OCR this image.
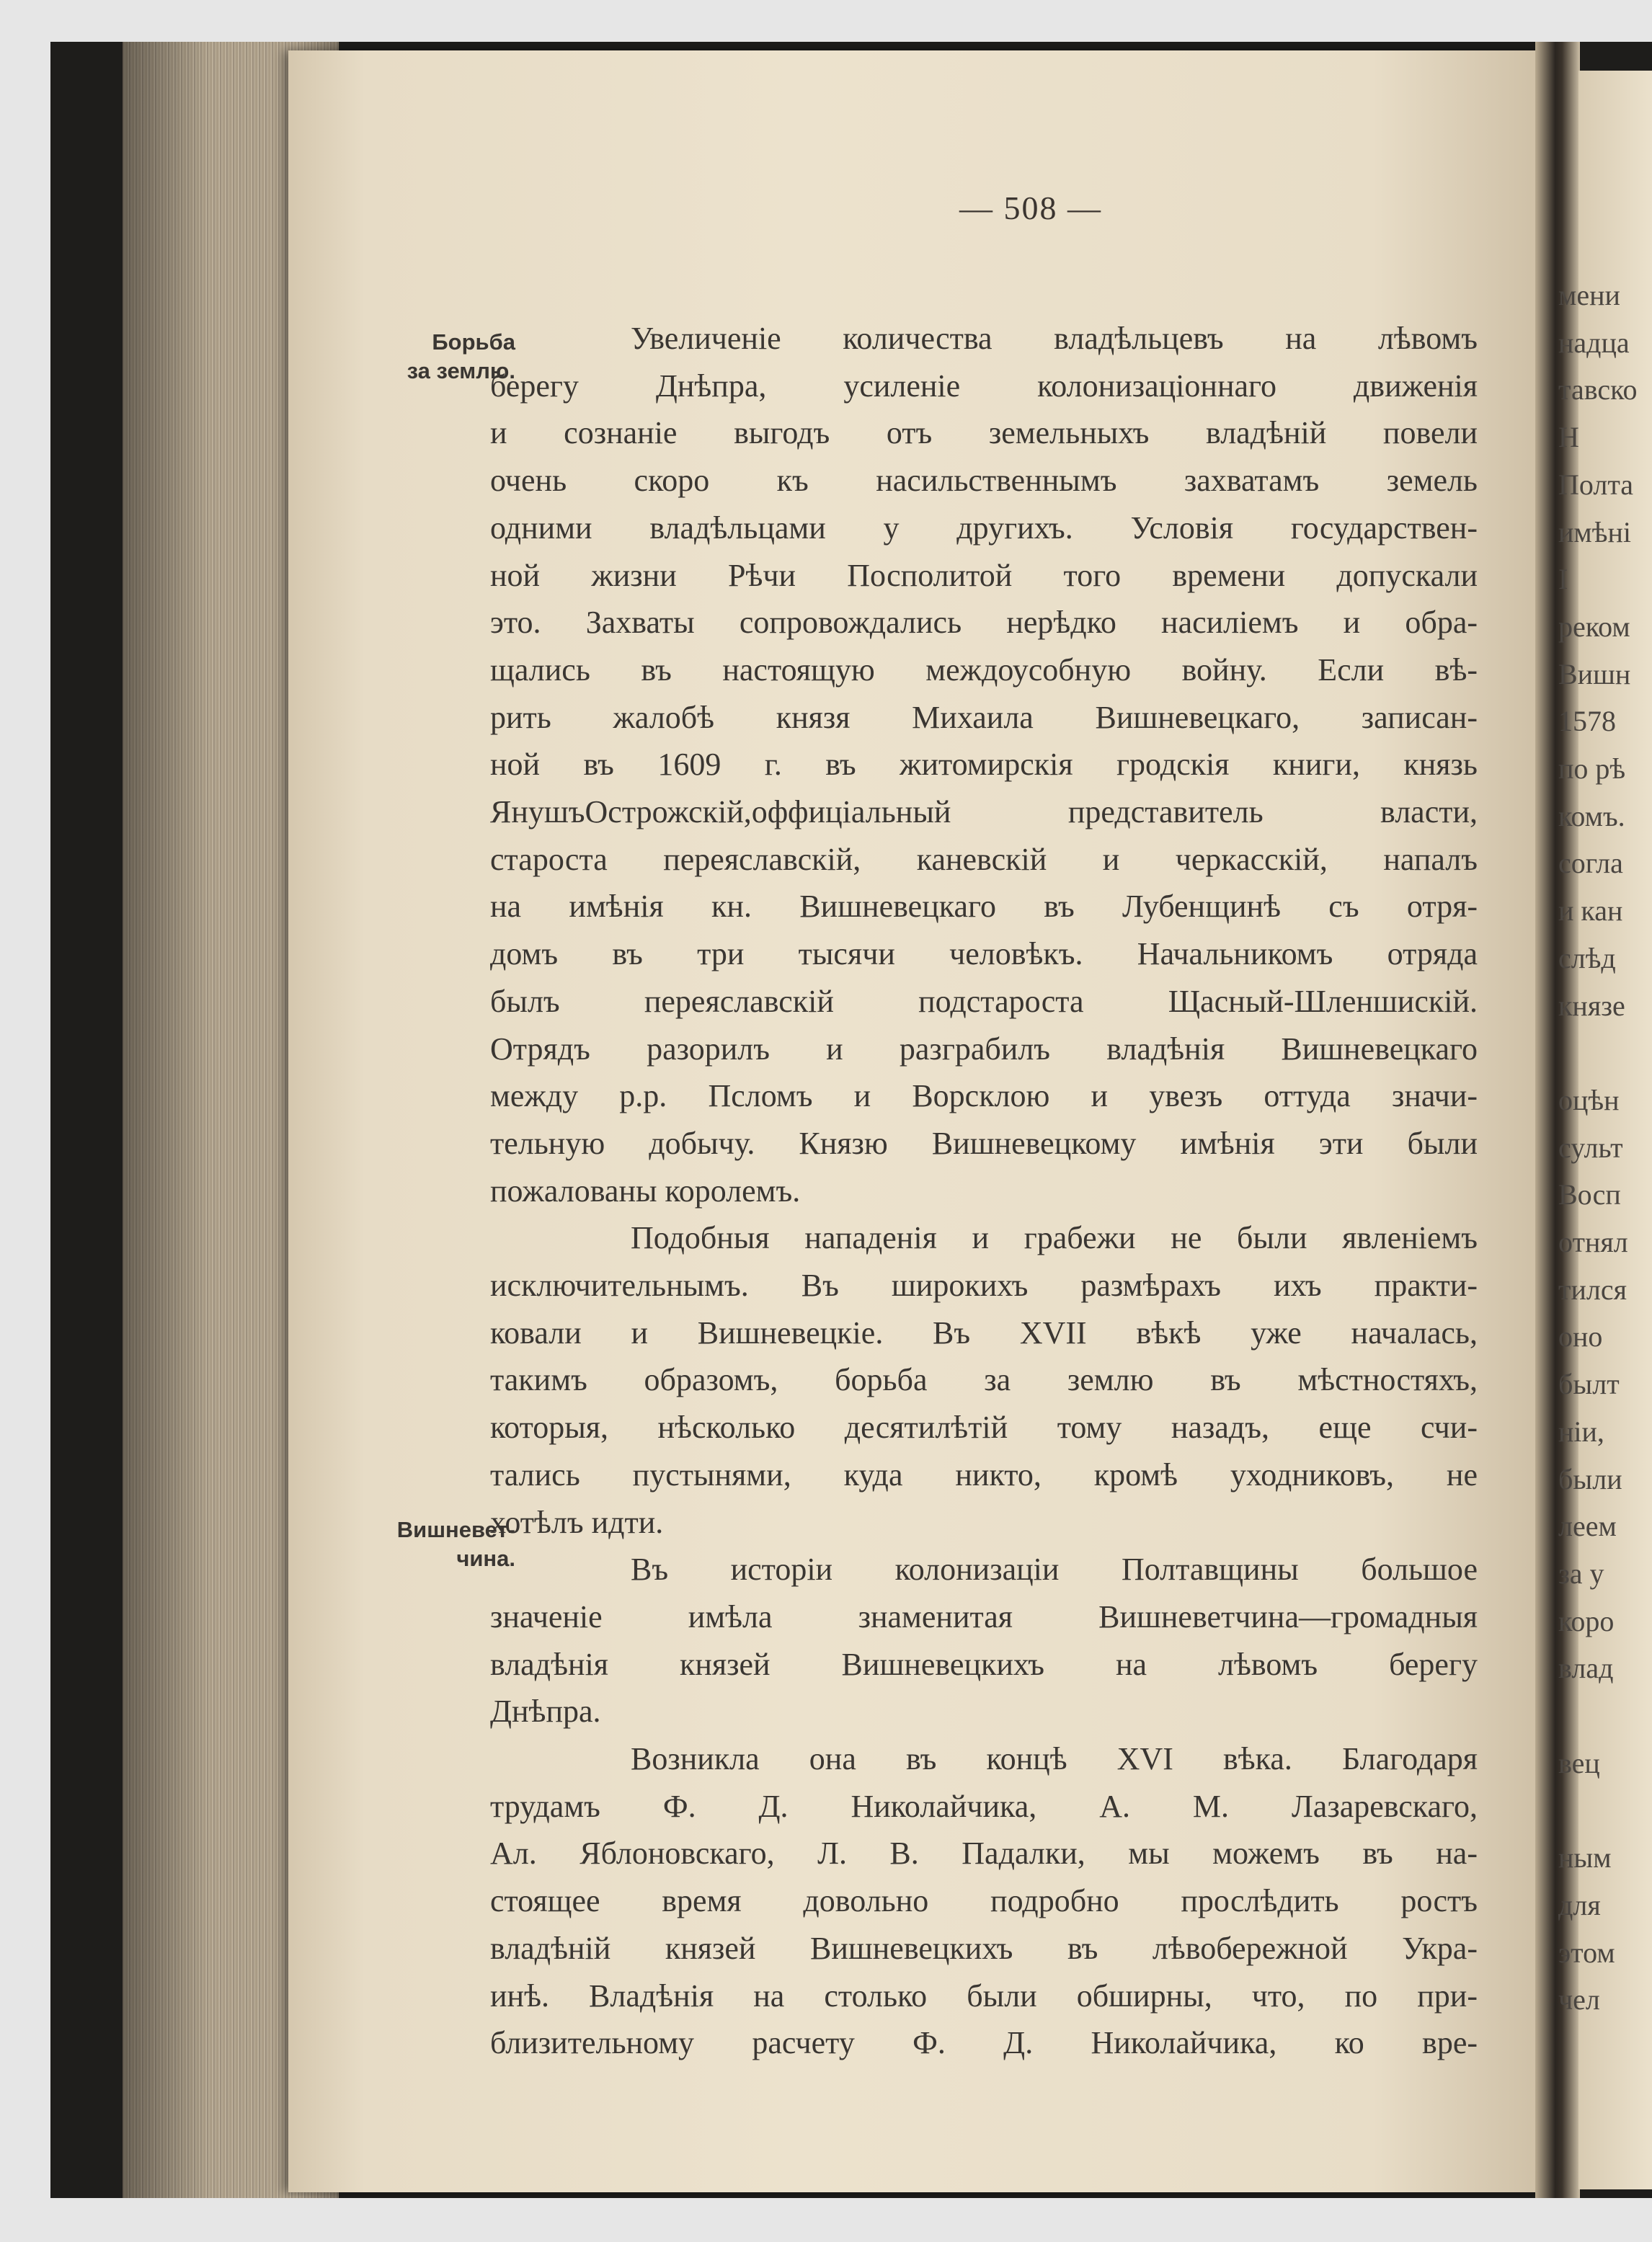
— 508 —
Борьба
за землю.
Вишневет-
чина.
Увеличеніе количества владѣльцевъ на лѣвомъ
берегу Днѣпра, усиленіе колонизаціоннаго движенія
и сознаніе выгодъ отъ земельныхъ владѣній повели
очень скоро къ насильственнымъ захватамъ земель
одними владѣльцами у другихъ. Условія государствен-
ной жизни Рѣчи Посполитой того времени допускали
это. Захваты сопровождались нерѣдко насиліемъ и обра-
щались въ настоящую междоусобную войну. Если вѣ-
рить жалобѣ князя Михаила Вишневецкаго, записан-
ной въ 1609 г. въ житомирскія гродскія книги, князь
ЯнушъОстрожскій,оффиціальный представитель власти,
староста переяславскій, каневскій и черкасскій, напалъ
на имѣнія кн. Вишневецкаго въ Лубенщинѣ съ отря-
домъ въ три тысячи человѣкъ. Начальникомъ отряда
былъ переяславскій подстароста Щасный-Шленшискій.
Отрядъ разорилъ и разграбилъ владѣнія Вишневецкаго
между р.р. Псломъ и Ворсклою и увезъ оттуда значи-
тельную добычу. Князю Вишневецкому имѣнія эти были
пожалованы королемъ.
Подобныя нападенія и грабежи не были явленіемъ
исключительнымъ. Въ широкихъ размѣрахъ ихъ практи-
ковали и Вишневецкіе. Въ XVII вѣкѣ уже началась,
такимъ образомъ, борьба за землю въ мѣстностяхъ,
которыя, нѣсколько десятилѣтій тому назадъ, еще счи-
тались пустынями, куда никто, кромѣ уходниковъ, не
хотѣлъ идти.
Въ исторіи колонизаціи Полтавщины большое
значеніе имѣла знаменитая Вишневетчина—громадныя
владѣнія князей Вишневецкихъ на лѣвомъ берегу
Днѣпра.
Возникла она въ концѣ XVI вѣка. Благодаря
трудамъ Ф. Д. Николайчика, А. М. Лазаревскаго,
Ал. Яблоновскаго, Л. В. Падалки, мы можемъ въ на-
стоящее время довольно подробно прослѣдить ростъ
владѣній князей Вишневецкихъ въ лѣвобережной Укра-
инѣ. Владѣнія на столько были обширны, что, по при-
близительному расчету Ф. Д. Николайчика, ко вре-
мени
надца
тавско
Н
Полта
имѣні
І
реком
Вишн
1578
по рѣ
комъ.
согла
и кан
слѣд
князе
оцѣн
сульт
Восп
отнял
тился
оно
былт
ніи,
были
леем
за у
коро
влад
вец
ным
для
этом
чел
